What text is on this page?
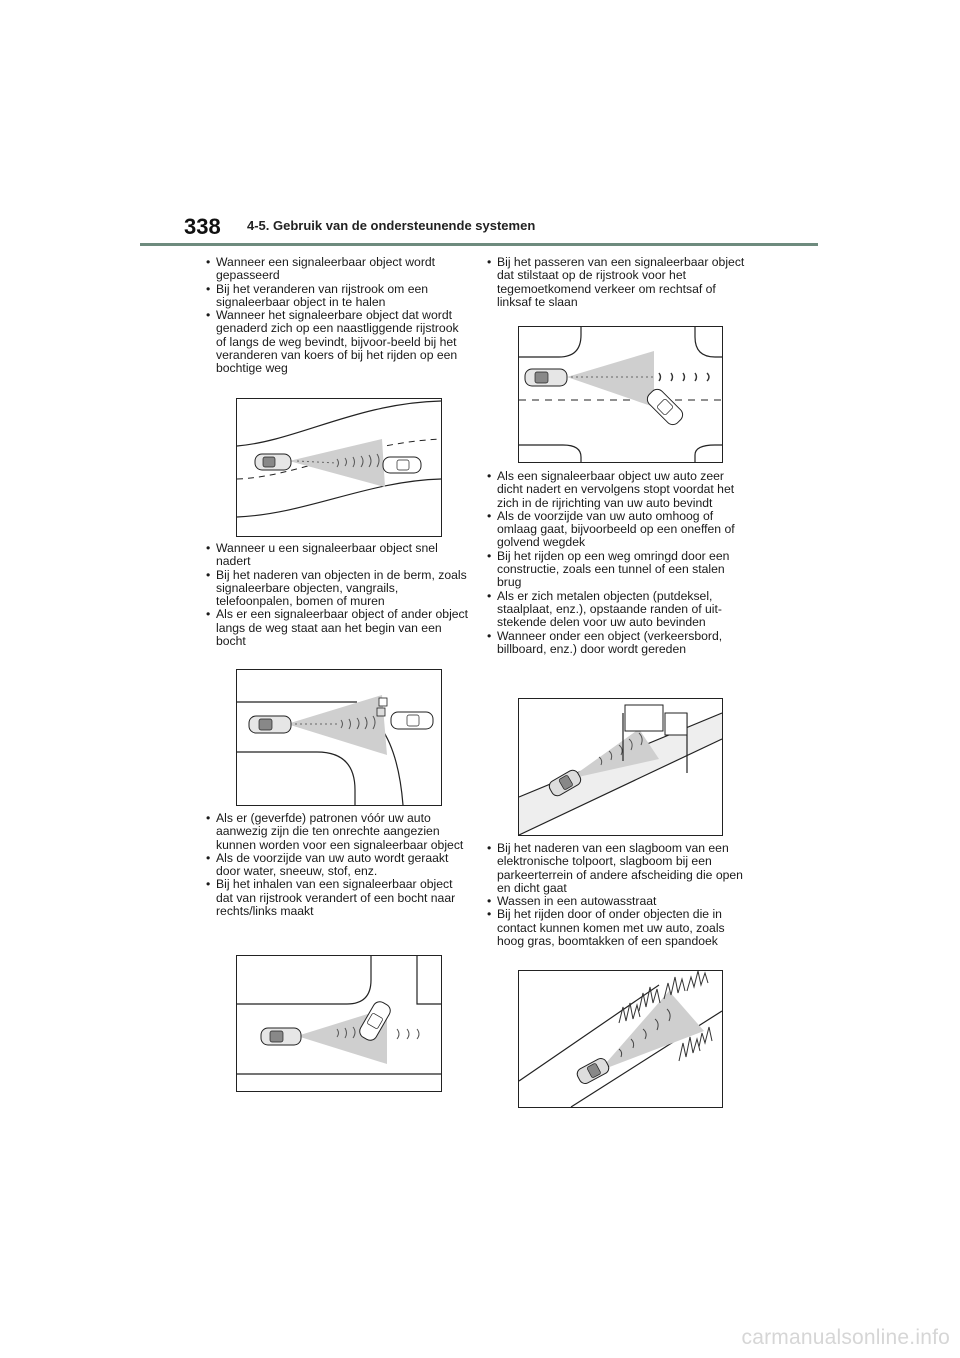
338 4-5. Gebruik van de ondersteunende systemen
• Wanneer een signaleerbaar object wordt gepasseerd
• Bij het veranderen van rijstrook om een signaleerbaar object in te halen
• Wanneer het signaleerbare object dat wordt genaderd zich op een naastliggende rijstrook of langs de weg bevindt, bijvoor-beeld bij het veranderen van koers of bij het rijden op een bochtige weg
• Wanneer u een signaleerbaar object snel nadert
• Bij het naderen van objecten in de berm, zoals signaleerbare objecten, vangrails, telefoonpalen, bomen of muren
• Als er een signaleerbaar object of ander object langs de weg staat aan het begin van een bocht
• Als er (geverfde) patronen vóór uw auto aanwezig zijn die ten onrechte aangezien kunnen worden voor een signaleerbaar object
• Als de voorzijde van uw auto wordt geraakt door water, sneeuw, stof, enz.
• Bij het inhalen van een signaleerbaar object dat van rijstrook verandert of een bocht naar rechts/links maakt
• Bij het passeren van een signaleerbaar object dat stilstaat op de rijstrook voor het tegemoetkomend verkeer om rechtsaf of linksaf te slaan
• Als een signaleerbaar object uw auto zeer dicht nadert en vervolgens stopt voordat het zich in de rijrichting van uw auto bevindt
• Als de voorzijde van uw auto omhoog of omlaag gaat, bijvoorbeeld op een oneffen of golvend wegdek
• Bij het rijden op een weg omringd door een constructie, zoals een tunnel of een stalen brug
• Als er zich metalen objecten (putdeksel, staalplaat, enz.), opstaande randen of uit-stekende delen voor uw auto bevinden
• Wanneer onder een object (verkeersbord, billboard, enz.) door wordt gereden
• Bij het naderen van een slagboom van een elektronische tolpoort, slagboom bij een parkeerterrein of andere afscheiding die open en dicht gaat
• Wassen in een autowasstraat
• Bij het rijden door of onder objecten die in contact kunnen komen met uw auto, zoals hoog gras, boomtakken of een spandoek
carmanualsonline.info
